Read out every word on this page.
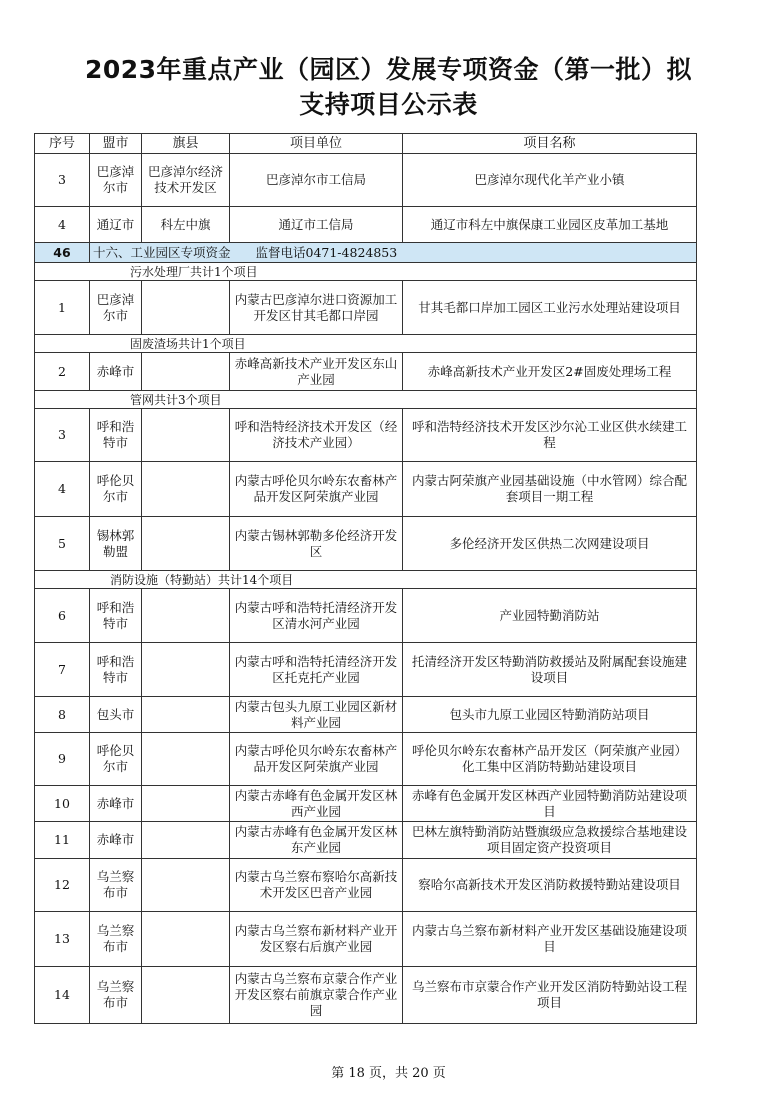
2023年重点产业（园区）发展专项资金（第一批）拟
支持项目公示表
序号	盟市	旗县	项目单位	项目名称
3	巴彦淖尔市	巴彦淖尔经济技术开发区	巴彦淖尔市工信局	巴彦淖尔现代化羊产业小镇
4	通辽市	科左中旗	通辽市工信局	通辽市科左中旗保康工业园区皮革加工基地
46	十六、工业园区专项资金　　监督电话0471-4824853			
污水处理厂共计1个项目				
1	巴彦淖尔市		内蒙古巴彦淖尔进口资源加工开发区甘其毛都口岸园	甘其毛都口岸加工园区工业污水处理站建设项目
固废渣场共计1个项目				
2	赤峰市		赤峰高新技术产业开发区东山产业园	赤峰高新技术产业开发区2#固废处理场工程
管网共计3个项目				
3	呼和浩特市		呼和浩特经济技术开发区（经济技术产业园）	呼和浩特经济技术开发区沙尔沁工业区供水续建工程
4	呼伦贝尔市		内蒙古呼伦贝尔岭东农畜林产品开发区阿荣旗产业园	内蒙古阿荣旗产业园基础设施（中水管网）综合配套项目一期工程
5	锡林郭勒盟		内蒙古锡林郭勒多伦经济开发区	多伦经济开发区供热二次网建设项目
消防设施（特勤站）共计14个项目				
6	呼和浩特市		内蒙古呼和浩特托清经济开发区清水河产业园	产业园特勤消防站
7	呼和浩特市		内蒙古呼和浩特托清经济开发区托克托产业园	托清经济开发区特勤消防救援站及附属配套设施建设项目
8	包头市		内蒙古包头九原工业园区新材料产业园	包头市九原工业园区特勤消防站项目
9	呼伦贝尔市		内蒙古呼伦贝尔岭东农畜林产品开发区阿荣旗产业园	呼伦贝尔岭东农畜林产品开发区（阿荣旗产业园）化工集中区消防特勤站建设项目
10	赤峰市		内蒙古赤峰有色金属开发区林西产业园	赤峰有色金属开发区林西产业园特勤消防站建设项目
11	赤峰市		内蒙古赤峰有色金属开发区林东产业园	巴林左旗特勤消防站暨旗级应急救援综合基地建设项目固定资产投资项目
12	乌兰察布市		内蒙古乌兰察布察哈尔高新技术开发区巴音产业园	察哈尔高新技术开发区消防救援特勤站建设项目
13	乌兰察布市		内蒙古乌兰察布新材料产业开发区察右后旗产业园	内蒙古乌兰察布新材料产业开发区基础设施建设项目
14	乌兰察布市		内蒙古乌兰察布京蒙合作产业开发区察右前旗京蒙合作产业园	乌兰察布市京蒙合作产业开发区消防特勤站设工程项目
第 18 页，共 20 页
